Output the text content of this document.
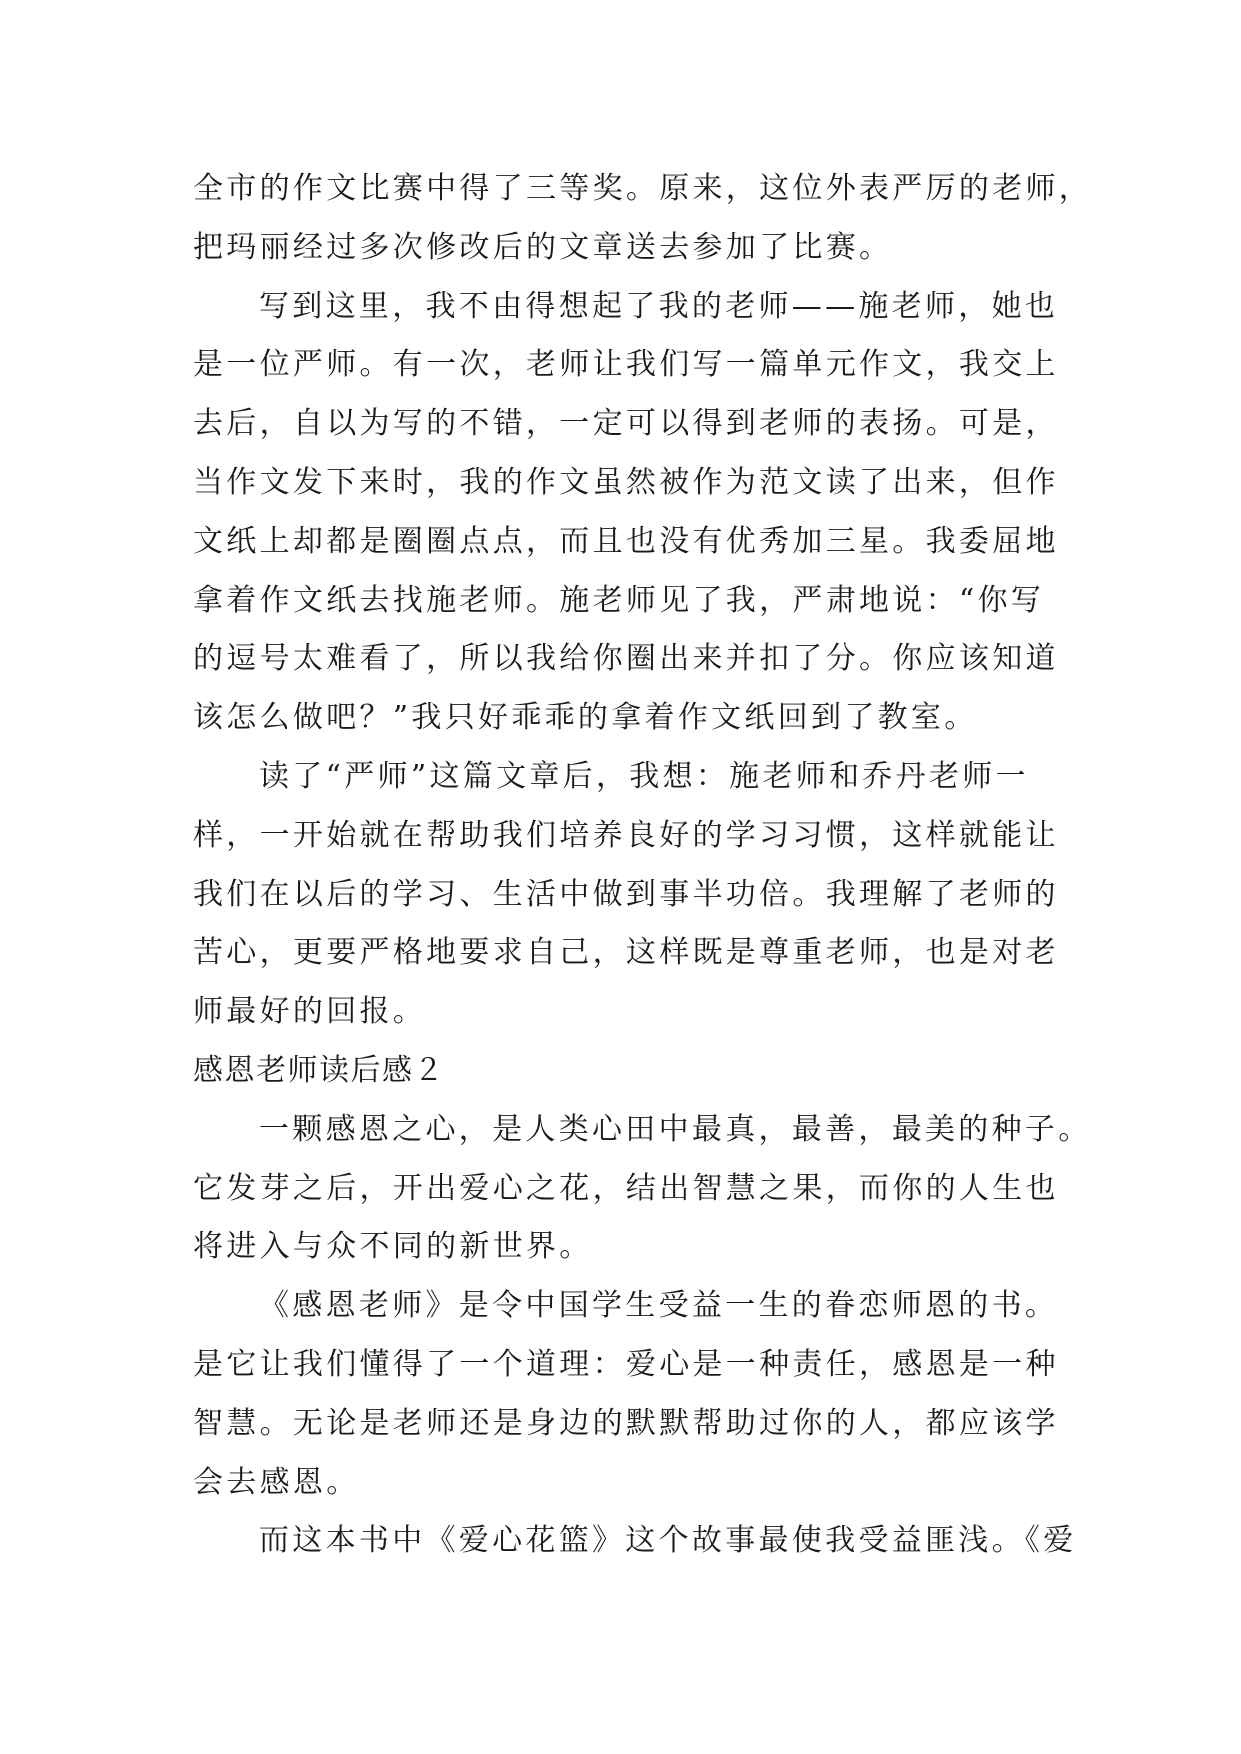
全市的作文比赛中得了三等奖。原来，这位外表严厉的老师，
把玛丽经过多次修改后的文章送去参加了比赛。
写到这里，我不由得想起了我的老师——施老师，她也
是一位严师。有一次，老师让我们写一篇单元作文，我交上
去后，自以为写的不错，一定可以得到老师的表扬。可是，
当作文发下来时，我的作文虽然被作为范文读了出来，但作
文纸上却都是圈圈点点，而且也没有优秀加三星。我委屈地
拿着作文纸去找施老师。施老师见了我，严肃地说：“你写
的逗号太难看了，所以我给你圈出来并扣了分。你应该知道
该怎么做吧？”我只好乖乖的拿着作文纸回到了教室。
读了“严师”这篇文章后，我想：施老师和乔丹老师一
样，一开始就在帮助我们培养良好的学习习惯，这样就能让
我们在以后的学习、生活中做到事半功倍。我理解了老师的
苦心，更要严格地要求自己，这样既是尊重老师，也是对老
师最好的回报。
感恩老师读后感２
一颗感恩之心，是人类心田中最真，最善，最美的种子。
它发芽之后，开出爱心之花，结出智慧之果，而你的人生也
将进入与众不同的新世界。
《感恩老师》是令中国学生受益一生的眷恋师恩的书。
是它让我们懂得了一个道理：爱心是一种责任，感恩是一种
智慧。无论是老师还是身边的默默帮助过你的人，都应该学
会去感恩。
而这本书中《爱心花篮》这个故事最使我受益匪浅。《爱
